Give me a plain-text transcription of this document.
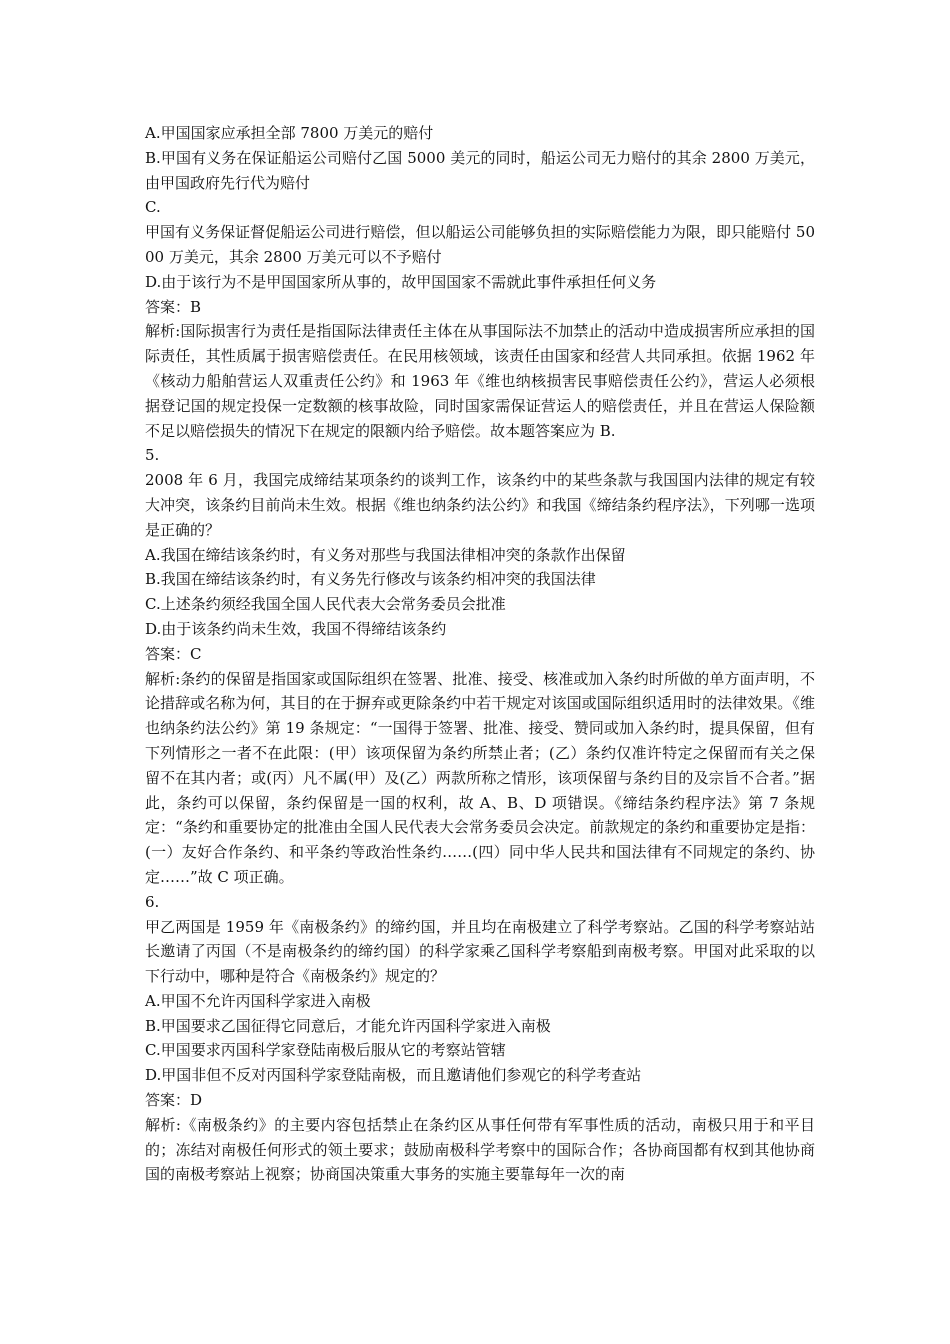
A.甲国国家应承担全部 7800 万美元的赔付
B.甲国有义务在保证船运公司赔付乙国 5000 美元的同时，船运公司无力赔付的其余 2800 万美元，由甲国政府先行代为赔付
C.
甲国有义务保证督促船运公司进行赔偿，但以船运公司能够负担的实际赔偿能力为限，即只能赔付 5000 万美元，其余 2800 万美元可以不予赔付
D.由于该行为不是甲国国家所从事的，故甲国国家不需就此事件承担任何义务
答案：B
解析:国际损害行为责任是指国际法律责任主体在从事国际法不加禁止的活动中造成损害所应承担的国际责任，其性质属于损害赔偿责任。在民用核领域，该责任由国家和经营人共同承担。依据 1962 年《核动力船舶营运人双重责任公约》和 1963 年《维也纳核损害民事赔偿责任公约》，营运人必须根据登记国的规定投保一定数额的核事故险，同时国家需保证营运人的赔偿责任，并且在营运人保险额不足以赔偿损失的情况下在规定的限额内给予赔偿。故本题答案应为 B.
5.
2008 年 6 月，我国完成缔结某项条约的谈判工作，该条约中的某些条款与我国国内法律的规定有较大冲突，该条约目前尚未生效。根据《维也纳条约法公约》和我国《缔结条约程序法》，下列哪一选项是正确的？
A.我国在缔结该条约时，有义务对那些与我国法律相冲突的条款作出保留
B.我国在缔结该条约时，有义务先行修改与该条约相冲突的我国法律
C.上述条约须经我国全国人民代表大会常务委员会批准
D.由于该条约尚未生效，我国不得缔结该条约
答案：C
解析:条约的保留是指国家或国际组织在签署、批准、接受、核准或加入条约时所做的单方面声明，不论措辞或名称为何，其目的在于摒弃或更除条约中若干规定对该国或国际组织适用时的法律效果。《维也纳条约法公约》第 19 条规定：“一国得于签署、批准、接受、赞同或加入条约时，提具保留，但有下列情形之一者不在此限：(甲）该项保留为条约所禁止者；(乙）条约仅准许特定之保留而有关之保留不在其内者；或(丙）凡不属(甲）及(乙）两款所称之情形，该项保留与条约目的及宗旨不合者。”据此，条约可以保留，条约保留是一国的权利，故 A、B、D 项错误。《缔结条约程序法》第 7 条规定：“条约和重要协定的批准由全国人民代表大会常务委员会决定。前款规定的条约和重要协定是指：(一）友好合作条约、和平条约等政治性条约……(四）同中华人民共和国法律有不同规定的条约、协定……”故 C 项正确。
6.
甲乙两国是 1959 年《南极条约》的缔约国，并且均在南极建立了科学考察站。乙国的科学考察站站长邀请了丙国（不是南极条约的缔约国）的科学家乘乙国科学考察船到南极考察。甲国对此采取的以下行动中，哪种是符合《南极条约》规定的？
A.甲国不允许丙国科学家进入南极
B.甲国要求乙国征得它同意后，才能允许丙国科学家进入南极
C.甲国要求丙国科学家登陆南极后服从它的考察站管辖
D.甲国非但不反对丙国科学家登陆南极，而且邀请他们参观它的科学考查站
答案：D
解析:《南极条约》的主要内容包括禁止在条约区从事任何带有军事性质的活动，南极只用于和平目的；冻结对南极任何形式的领土要求；鼓励南极科学考察中的国际合作；各协商国都有权到其他协商国的南极考察站上视察；协商国决策重大事务的实施主要靠每年一次的南
